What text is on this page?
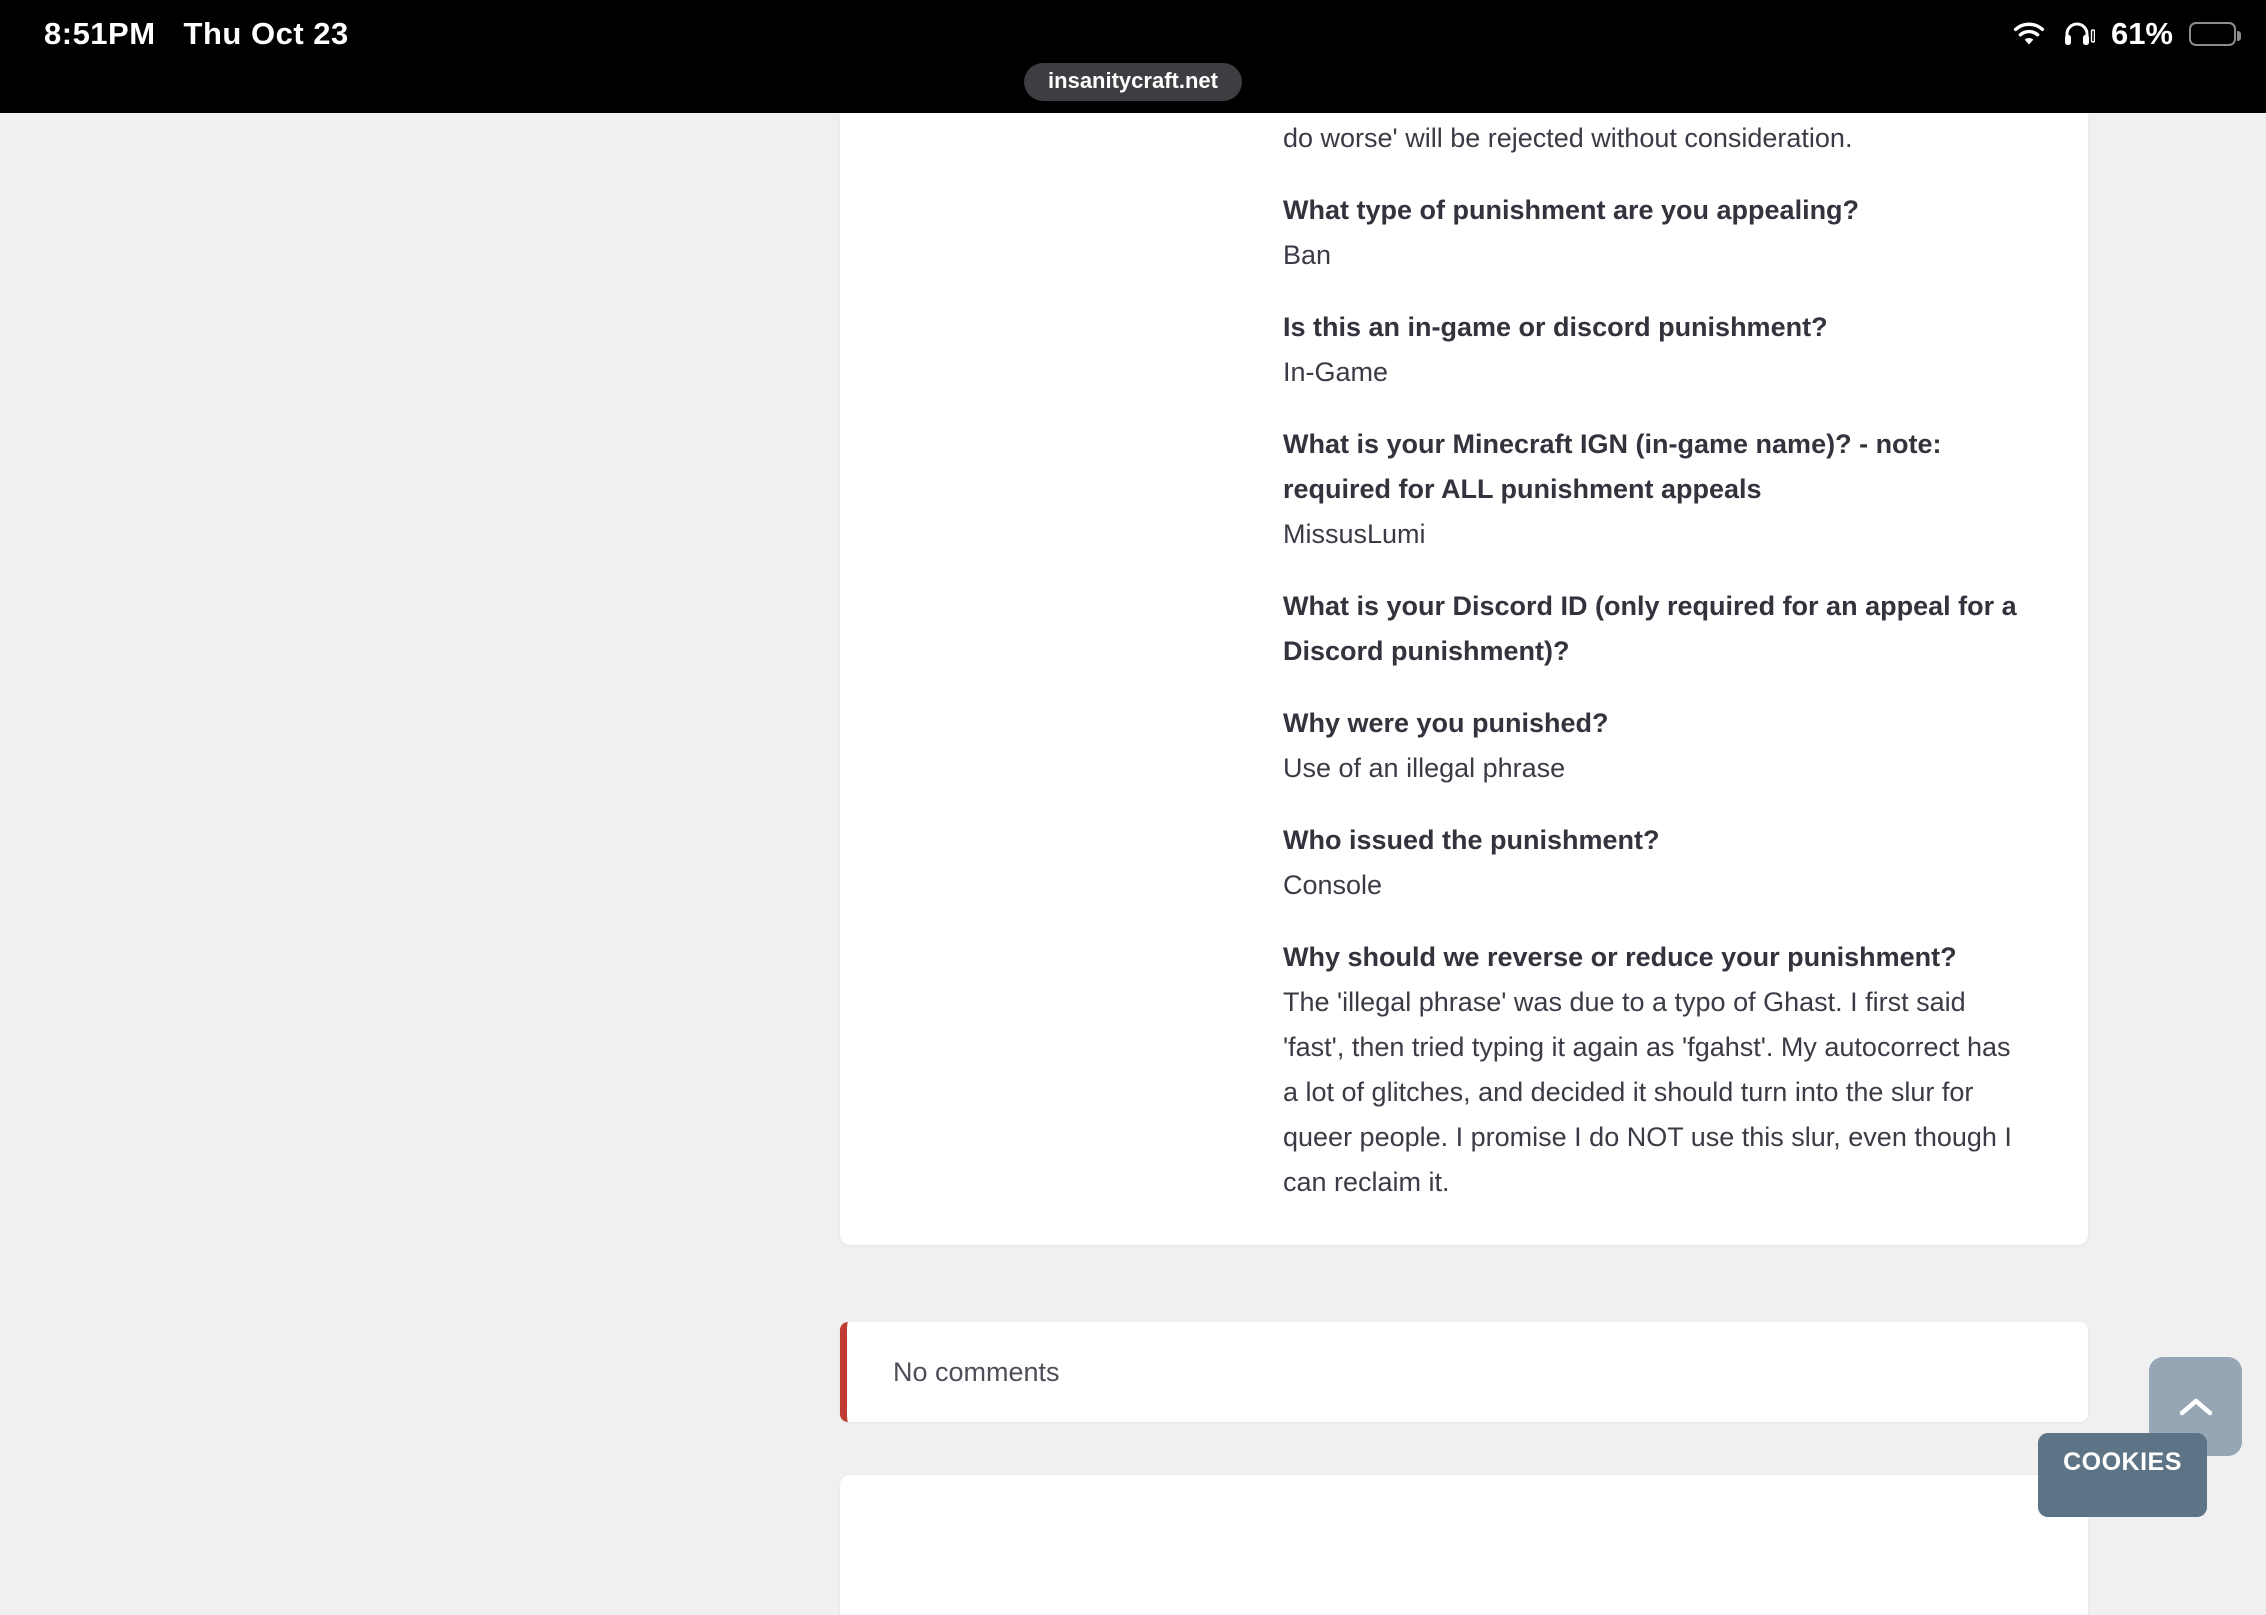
8:51PM Thu Oct 23	61%
insanitycraft.net
do worse' will be rejected without consideration.
What type of punishment are you appealing?
Ban
Is this an in-game or discord punishment?
In-Game
What is your Minecraft IGN (in-game name)? - note: required for ALL punishment appeals
MissusLumi
What is your Discord ID (only required for an appeal for a Discord punishment)?
Why were you punished?
Use of an illegal phrase
Who issued the punishment?
Console
Why should we reverse or reduce your punishment?
The 'illegal phrase' was due to a typo of Ghast. I first said 'fast', then tried typing it again as 'fgahst'. My autocorrect has a lot of glitches, and decided it should turn into the slur for queer people. I promise I do NOT use this slur, even though I can reclaim it.
No comments
COOKIES
